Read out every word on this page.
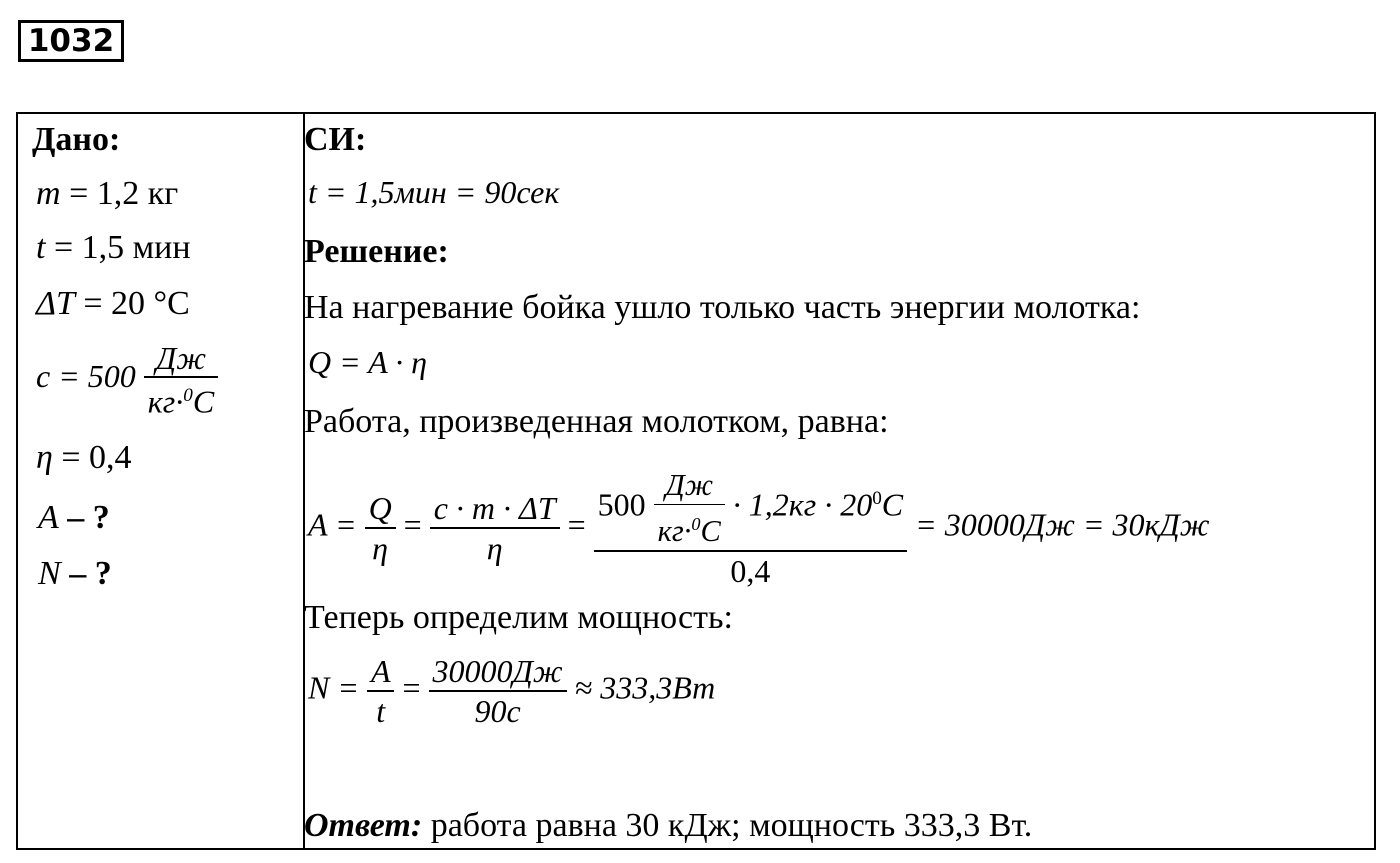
1032
Дано:
m = 1,2 кг
t = 1,5 мин
ΔT = 20 °С
$c = 500 \frac{Дж}{кг\cdot^0C}$
η = 0,4
A – ?
N – ?
СИ:
t = 1,5мин = 90сек
Решение:
На нагревание бойка ушло только часть энергии молотка:
Q = A · η
Работа, произведенная молотком, равна:
$A = \frac{Q}{\eta} = \frac{c \cdot m \cdot \Delta T}{\eta}$ =
$500 \frac{Дж}{кг\cdot^0C} \cdot 1,2кг \cdot 20^0C$
0,4
= 30000Дж = 30кДж
Теперь определим мощность:
$N = \frac{A}{t} = \frac{30000Дж}{90с} \approx 333,3Вт$
Ответ: работа равна 30 кДж; мощность 333,3 Вт.
